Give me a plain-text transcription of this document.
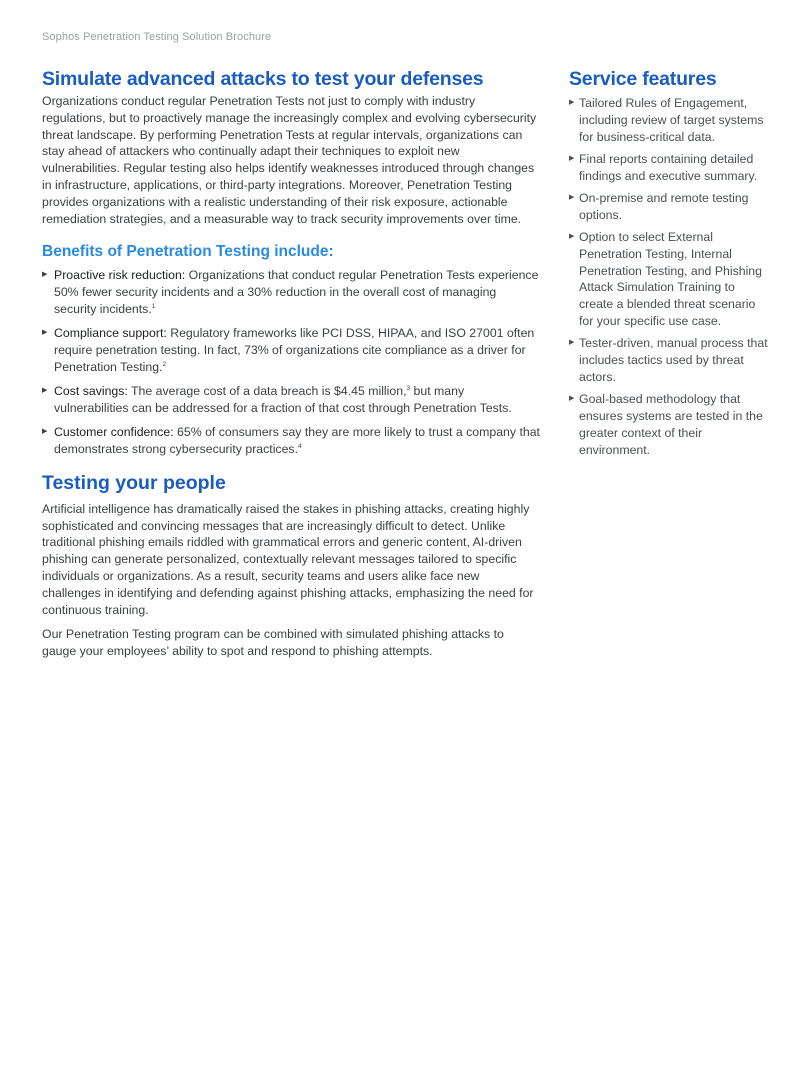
Sophos Penetration Testing Solution Brochure
Simulate advanced attacks to test your defenses

Organizations conduct regular Penetration Tests not just to comply with industry regulations, but to proactively manage the increasingly complex and evolving cybersecurity threat landscape. By performing Penetration Tests at regular intervals, organizations can stay ahead of attackers who continually adapt their techniques to exploit new vulnerabilities. Regular testing also helps identify weaknesses introduced through changes in infrastructure, applications, or third-party integrations. Moreover, Penetration Testing provides organizations with a realistic understanding of their risk exposure, actionable remediation strategies, and a measurable way to track security improvements over time.

Benefits of Penetration Testing include:
▶ Proactive risk reduction: Organizations that conduct regular Penetration Tests experience 50% fewer security incidents and a 30% reduction in the overall cost of managing security incidents.$^1$
▶ Compliance support: Regulatory frameworks like PCI DSS, HIPAA, and ISO 27001 often require penetration testing. In fact, 73% of organizations cite compliance as a driver for Penetration Testing.$^2$
▶ Cost savings: The average cost of a data breach is $4.45 million,$^3$ but many vulnerabilities can be addressed for a fraction of that cost through Penetration Tests.
▶ Customer confidence: 65% of consumers say they are more likely to trust a company that demonstrates strong cybersecurity practices.$^4$
Testing your people

Artificial intelligence has dramatically raised the stakes in phishing attacks, creating highly sophisticated and convincing messages that are increasingly difficult to detect. Unlike traditional phishing emails riddled with grammatical errors and generic content, AI-driven phishing can generate personalized, contextually relevant messages tailored to specific individuals or organizations. As a result, security teams and users alike face new challenges in identifying and defending against phishing attacks, emphasizing the need for continuous training.

Our Penetration Testing program can be combined with simulated phishing attacks to gauge your employees’ ability to spot and respond to phishing attempts.

Service features
▶ Tailored Rules of Engagement, including review of target systems for business-critical data.
▶ Final reports containing detailed findings and executive summary.
▶ On-premise and remote testing options.
▶ Option to select External Penetration Testing, Internal Penetration Testing, and Phishing Attack Simulation Training to create a blended threat scenario for your specific use case.
▶ Tester-driven, manual process that includes tactics used by threat actors.
▶ Goal-based methodology that ensures systems are tested in the greater context of their environment.
